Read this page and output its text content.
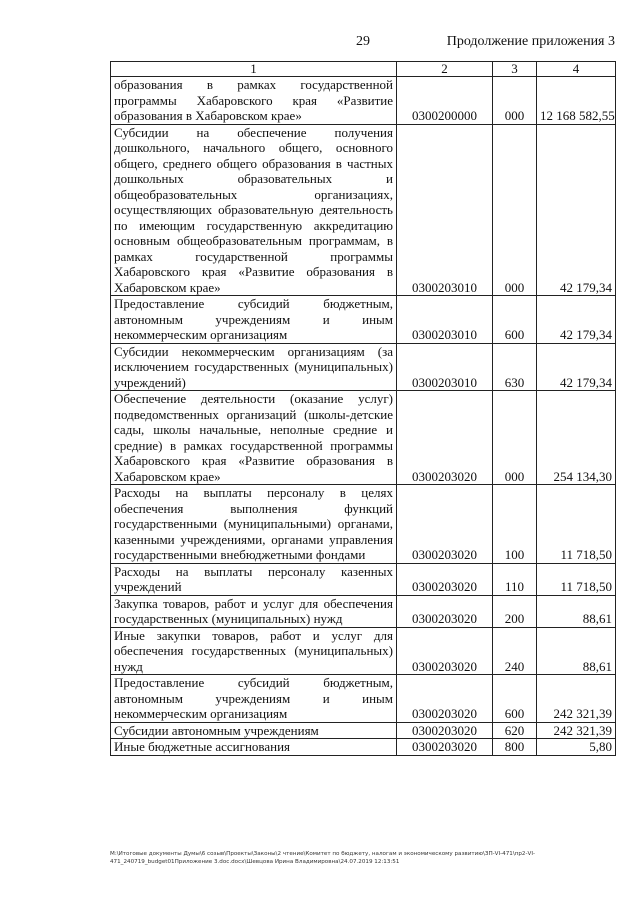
29	Продолжение приложения 3
1	2	3	4
образования в рамках государственной программы Хабаровского края «Развитие образования в Хабаровском крае»	0300200000	000	12 168 582,55
Субсидии на обеспечение получения дошкольного, начального общего, основного общего, среднего общего образования в частных дошкольных образовательных и общеобразовательных организациях, осуществляющих образовательную деятельность по имеющим государственную аккредитацию основным общеобразовательным программам, в рамках государственной программы Хабаровского края «Развитие образования в Хабаровском крае»	0300203010	000	42 179,34
Предоставление субсидий бюджетным, автономным учреждениям и иным некоммерческим организациям	0300203010	600	42 179,34
Субсидии некоммерческим организациям (за исключением государственных (муниципальных) учреждений)	0300203010	630	42 179,34
Обеспечение деятельности (оказание услуг) подведомственных организаций (школы-детские сады, школы начальные, неполные средние и средние) в рамках государственной программы Хабаровского края «Развитие образования в Хабаровском крае»	0300203020	000	254 134,30
Расходы на выплаты персоналу в целях обеспечения выполнения функций государственными (муниципальными) органами, казенными учреждениями, органами управления государственными внебюджетными фондами	0300203020	100	11 718,50
Расходы на выплаты персоналу казенных учреждений	0300203020	110	11 718,50
Закупка товаров, работ и услуг для обеспечения государственных (муниципальных) нужд	0300203020	200	88,61
Иные закупки товаров, работ и услуг для обеспечения государственных (муниципальных) нужд	0300203020	240	88,61
Предоставление субсидий бюджетным, автономным учреждениям и иным некоммерческим организациям	0300203020	600	242 321,39
Субсидии автономным учреждениям	0300203020	620	242 321,39
Иные бюджетные ассигнования	0300203020	800	5,80
M:\Итоговые документы Думы\6 созыв\Проекты\Законы\2 чтение\Комитет по бюджету, налогам и экономическому развитию\ЗП-VI-471\пр2-VI-471_240719_budget01Приложение 3.doc.docx\Шевцова Ирина Владимировна\24.07.2019 12:13:51
